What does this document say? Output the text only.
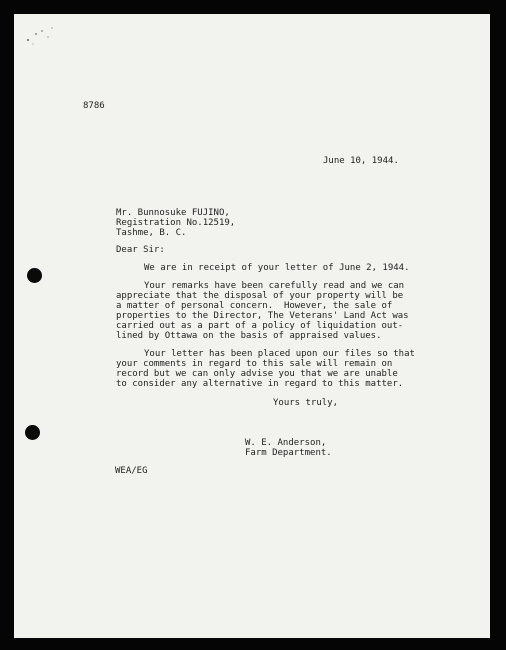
8786
June 10, 1944.
Mr. Bunnosuke FUJINO,
Registration No.12519,
Tashme, B. C.
Dear Sir:
We are in receipt of your letter of June 2, 1944.
Your remarks have been carefully read and we can
appreciate that the disposal of your property will be
a matter of personal concern.  However, the sale of
properties to the Director, The Veterans' Land Act was
carried out as a part of a policy of liquidation out-
lined by Ottawa on the basis of appraised values.
Your letter has been placed upon our files so that
your comments in regard to this sale will remain on
record but we can only advise you that we are unable
to consider any alternative in regard to this matter.
Yours truly,
W. E. Anderson,
Farm Department.
WEA/EG
